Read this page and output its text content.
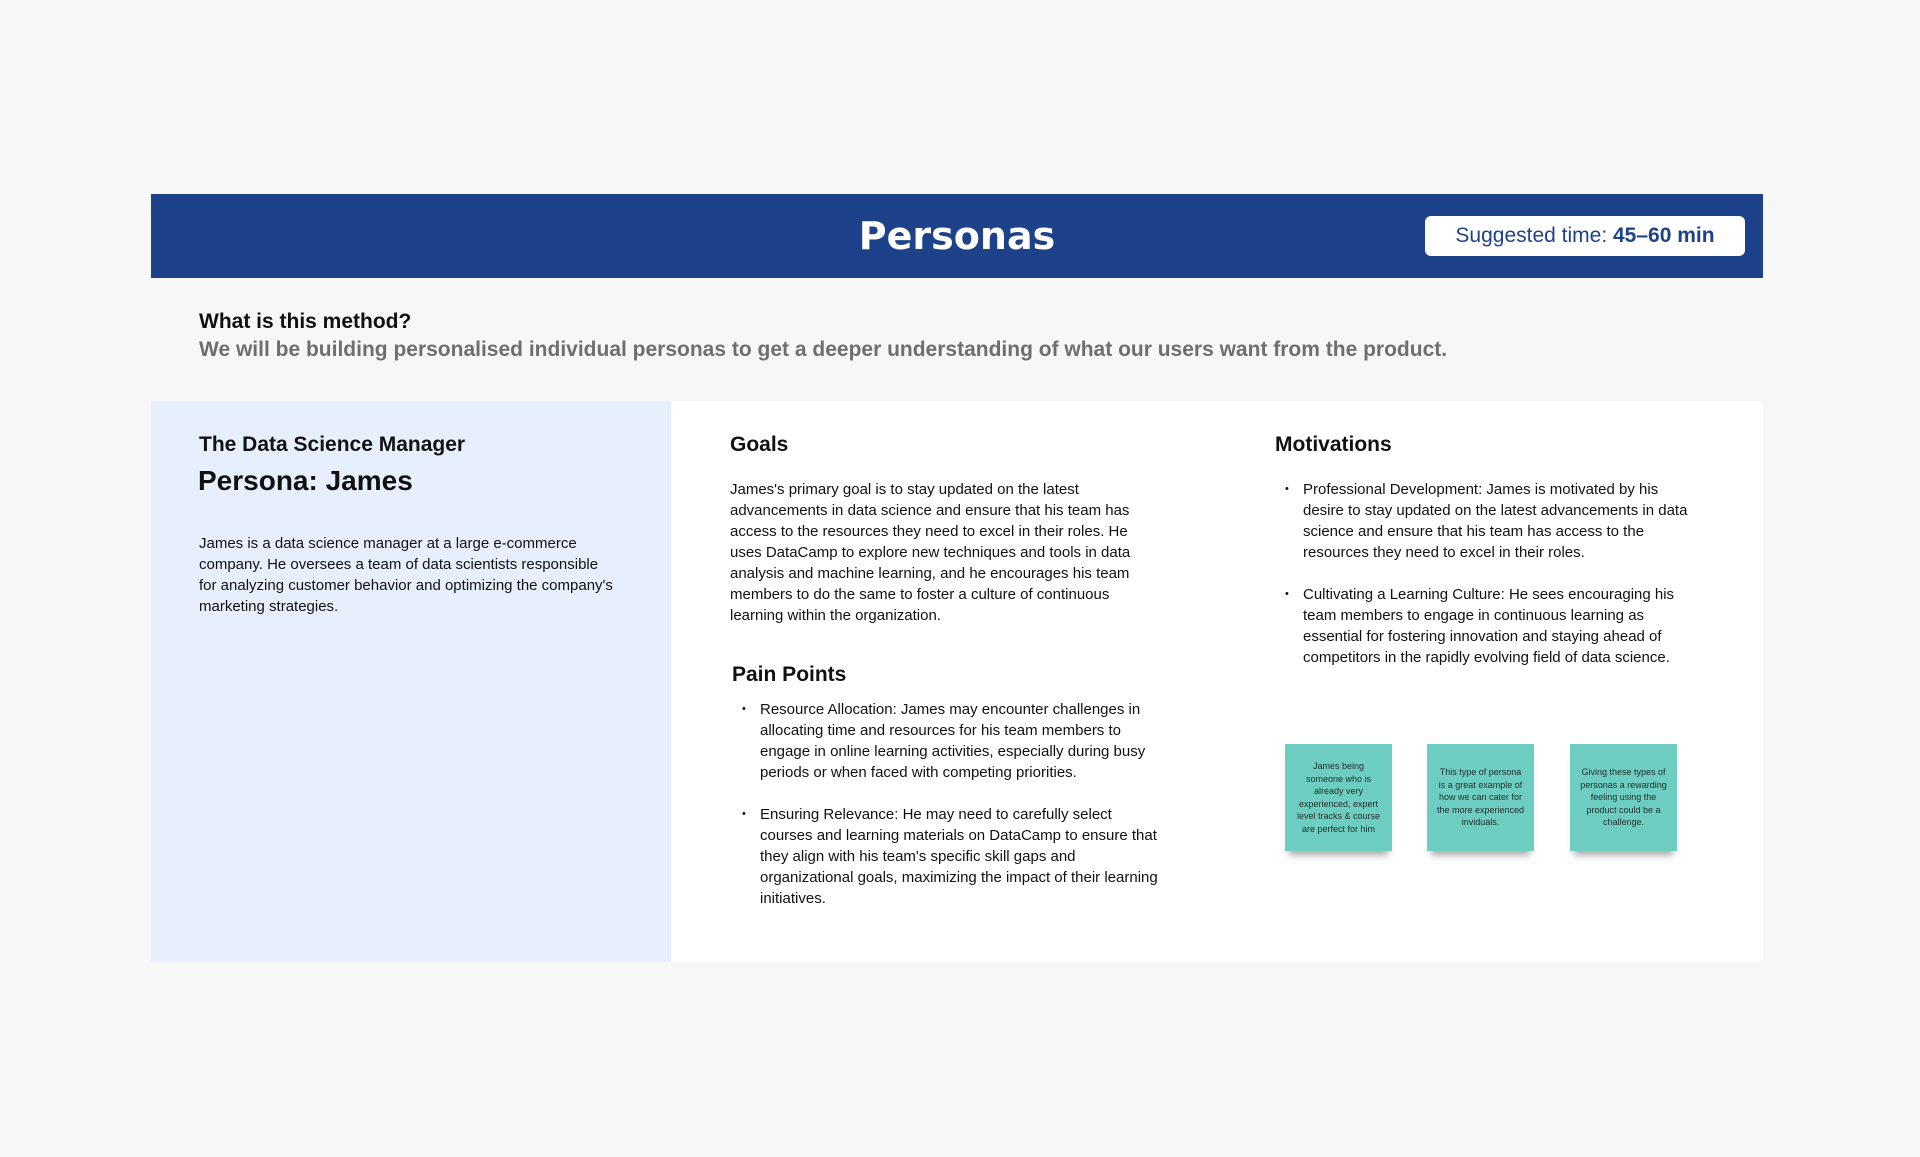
Personas	Suggested time: 45–60 min
What is this method?
We will be building personalised individual personas to get a deeper understanding of what our users want from the product.
The Data Science Manager
Persona: James
James is a data science manager at a large e-commerce company. He oversees a team of data scientists responsible for analyzing customer behavior and optimizing the company's marketing strategies.
Goals
James's primary goal is to stay updated on the latest advancements in data science and ensure that his team has access to the resources they need to excel in their roles. He uses DataCamp to explore new techniques and tools in data analysis and machine learning, and he encourages his team members to do the same to foster a culture of continuous learning within the organization.
Pain Points
• Resource Allocation: James may encounter challenges in allocating time and resources for his team members to engage in online learning activities, especially during busy periods or when faced with competing priorities.
• Ensuring Relevance: He may need to carefully select courses and learning materials on DataCamp to ensure that they align with his team's specific skill gaps and organizational goals, maximizing the impact of their learning initiatives.
Motivations
• Professional Development: James is motivated by his desire to stay updated on the latest advancements in data science and ensure that his team has access to the resources they need to excel in their roles.
• Cultivating a Learning Culture: He sees encouraging his team members to engage in continuous learning as essential for fostering innovation and staying ahead of competitors in the rapidly evolving field of data science.
James being someone who is already very experienced, expert level tracks & course are perfect for him
This type of persona is a great example of how we can cater for the more experienced inviduals.
Giving these types of personas a rewarding feeling using the product could be a challenge.
